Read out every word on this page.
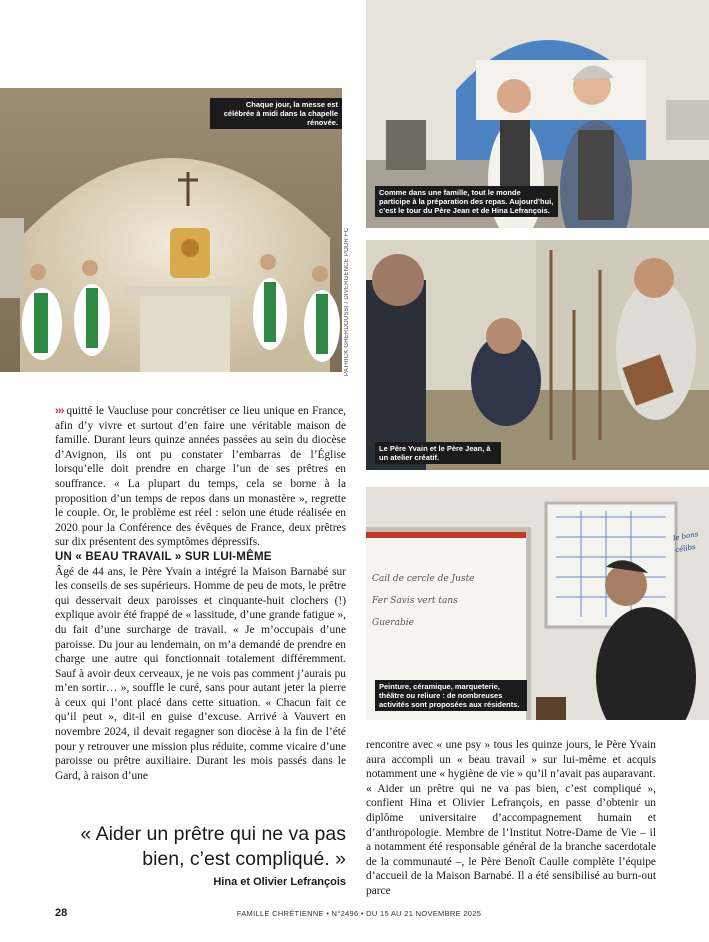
Chaque jour, la messe est célébrée à midi dans la chapelle rénovée.
PATRICK GHERDOUSSI / DIVERGENCE POUR FC
Comme dans une famille, tout le monde participe à la préparation des repas. Aujourd’hui, c’est le tour du Père Jean et de Hina Lefrançois.
Le Père Yvain et le Père Jean, à un atelier créatif.
Cail de cercle de Juste
Fer Savis vert tans
Guerabie
le bons célibs
Peinture, céramique, marqueterie, théâtre ou reliure : de nombreuses activités sont proposées aux résidents.

››› quitté le Vaucluse pour concrétiser ce lieu unique en France, afin d’y vivre et surtout d’en faire une véritable maison de famille. Durant leurs quinze années passées au sein du diocèse d’Avignon, ils ont pu constater l’embarras de l’Église lorsqu’elle doit prendre en charge l’un de ses prêtres en souffrance. « La plupart du temps, cela se borne à la proposition d’un temps de repos dans un monastère », regrette le couple. Or, le problème est réel : selon une étude réalisée en 2020 pour la Conférence des évêques de France, deux prêtres sur dix présentent des symptômes dépressifs.

UN « BEAU TRAVAIL » SUR LUI-MÊME

Âgé de 44 ans, le Père Yvain a intégré la Maison Barnabé sur les conseils de ses supérieurs. Homme de peu de mots, le prêtre qui desservait deux paroisses et cinquante-huit clochers (!) explique avoir été frappé de « lassitude, d’une grande fatigue », du fait d’une surcharge de travail. « Je m’occupais d’une paroisse. Du jour au lendemain, on m’a demandé de prendre en charge une autre qui fonctionnait totalement différemment. Sauf à avoir deux cerveaux, je ne vois pas comment j’aurais pu m’en sortir… », souffle le curé, sans pour autant jeter la pierre à ceux qui l’ont placé dans cette situation. « Chacun fait ce qu’il peut », dit-il en guise d’excuse. Arrivé à Vauvert en novembre 2024, il devait regagner son diocèse à la fin de l’été pour y retrouver une mission plus réduite, comme vicaire d’une paroisse ou prêtre auxiliaire. Durant les mois passés dans le Gard, à raison d’une

rencontre avec « une psy » tous les quinze jours, le Père Yvain aura accompli un « beau travail » sur lui-même et acquis notamment une « hygiène de vie » qu’il n’avait pas auparavant.

« Aider un prêtre qui ne va pas bien, c’est compliqué », confient Hina et Olivier Lefrançois, en passe d’obtenir un diplôme universitaire d’accompagnement humain et d’anthropologie. Membre de l’Institut Notre-Dame de Vie – il a notamment été responsable général de la branche sacerdotale de la communauté –, le Père Benoît Caulle complète l’équipe d’accueil de la Maison Barnabé. Il a été sensibilisé au burn-out parce

« Aider un prêtre qui ne va pas bien, c’est compliqué. »
Hina et Olivier Lefrançois
28	FAMILLE CHRÉTIENNE • N°2496 • DU 15 AU 21 NOVEMBRE 2025
